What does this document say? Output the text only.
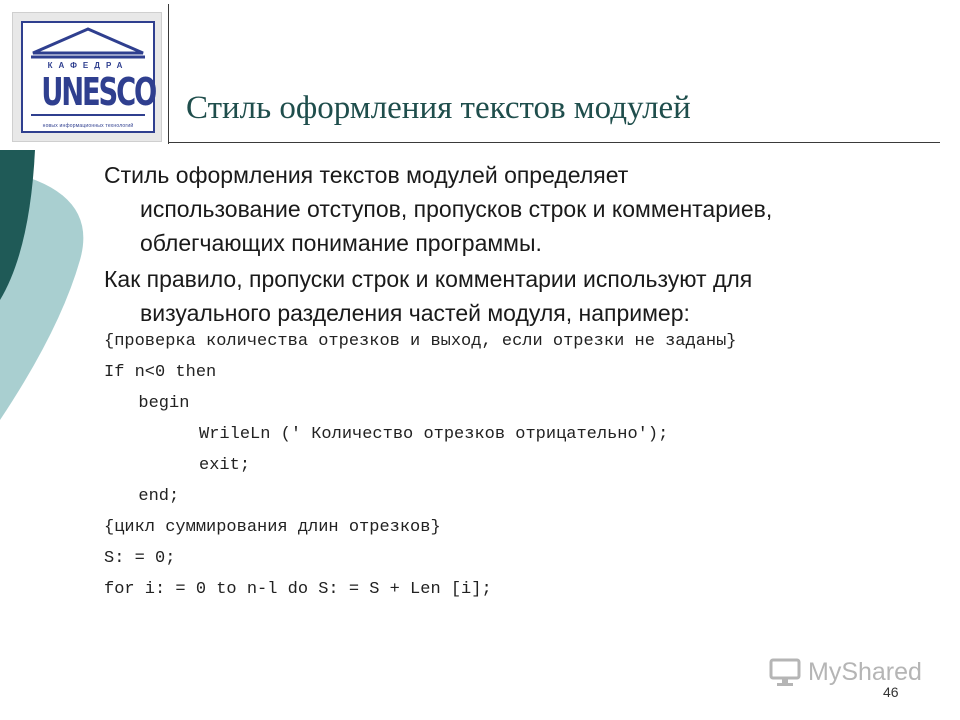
КАФЕДРА
UNESCO
новых информационных технологий	Стиль оформления текстов модулей
Стиль оформления текстов модулей определяет
использование отступов, пропусков строк и комментариев,
облегчающих понимание программы.
Как правило, пропуски строк и комментарии используют для
визуального разделения частей модуля, например:
{проверка количества отрезков и выход, если отрезки не заданы}
If n<0 then
begin
WrileLn (' Количество отрезков отрицательно');
exit;
end;
{цикл суммирования длин отрезков}
S: = 0;
for i: = 0 to n-l do S: = S + Len [i];
MyShared
46
